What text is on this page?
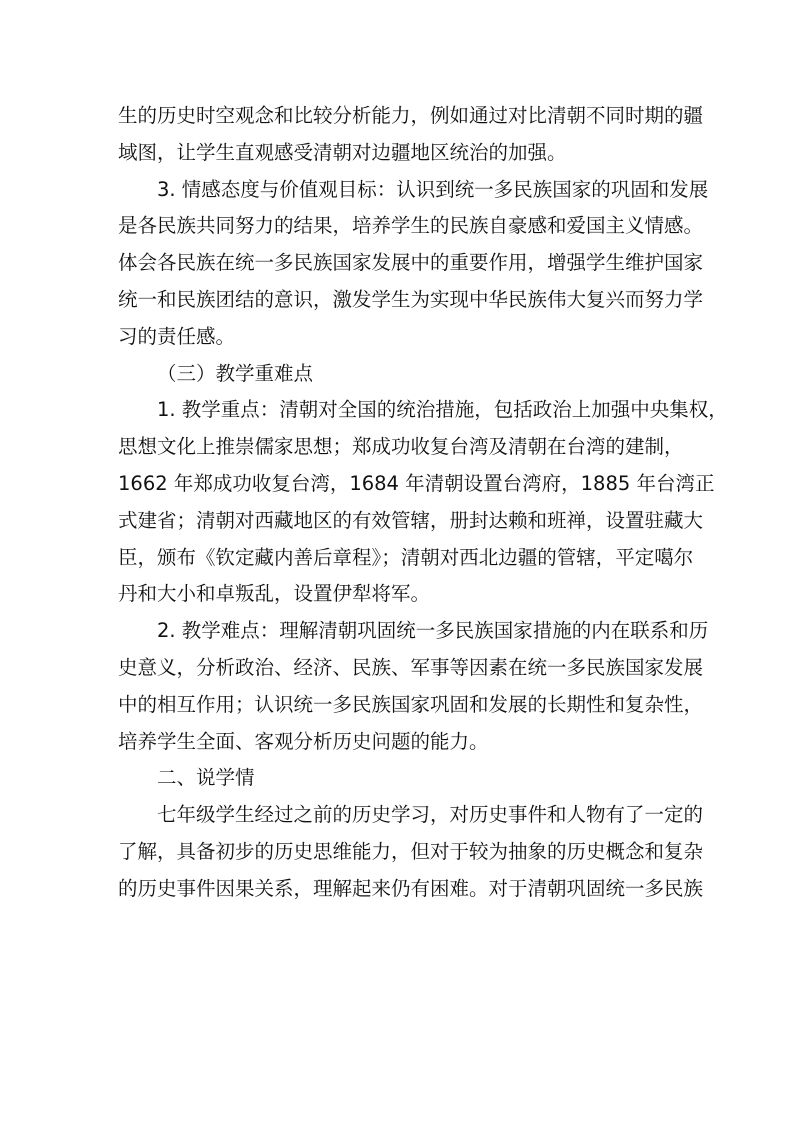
生的历史时空观念和比较分析能力，例如通过对比清朝不同时期的疆
域图，让学生直观感受清朝对边疆地区统治的加强。

3. 情感态度与价值观目标：认识到统一多民族国家的巩固和发展
是各民族共同努力的结果，培养学生的民族自豪感和爱国主义情感。
体会各民族在统一多民族国家发展中的重要作用，增强学生维护国家
统一和民族团结的意识，激发学生为实现中华民族伟大复兴而努力学
习的责任感。

（三）教学重难点

1. 教学重点：清朝对全国的统治措施，包括政治上加强中央集权，
思想文化上推崇儒家思想；郑成功收复台湾及清朝在台湾的建制，
1662 年郑成功收复台湾，1684 年清朝设置台湾府，1885 年台湾正
式建省；清朝对西藏地区的有效管辖，册封达赖和班禅，设置驻藏大
臣，颁布《钦定藏内善后章程》；清朝对西北边疆的管辖，平定噶尔
丹和大小和卓叛乱，设置伊犁将军。

2. 教学难点：理解清朝巩固统一多民族国家措施的内在联系和历
史意义，分析政治、经济、民族、军事等因素在统一多民族国家发展
中的相互作用；认识统一多民族国家巩固和发展的长期性和复杂性，
培养学生全面、客观分析历史问题的能力。

二、说学情

七年级学生经过之前的历史学习，对历史事件和人物有了一定的
了解，具备初步的历史思维能力，但对于较为抽象的历史概念和复杂
的历史事件因果关系，理解起来仍有困难。对于清朝巩固统一多民族
